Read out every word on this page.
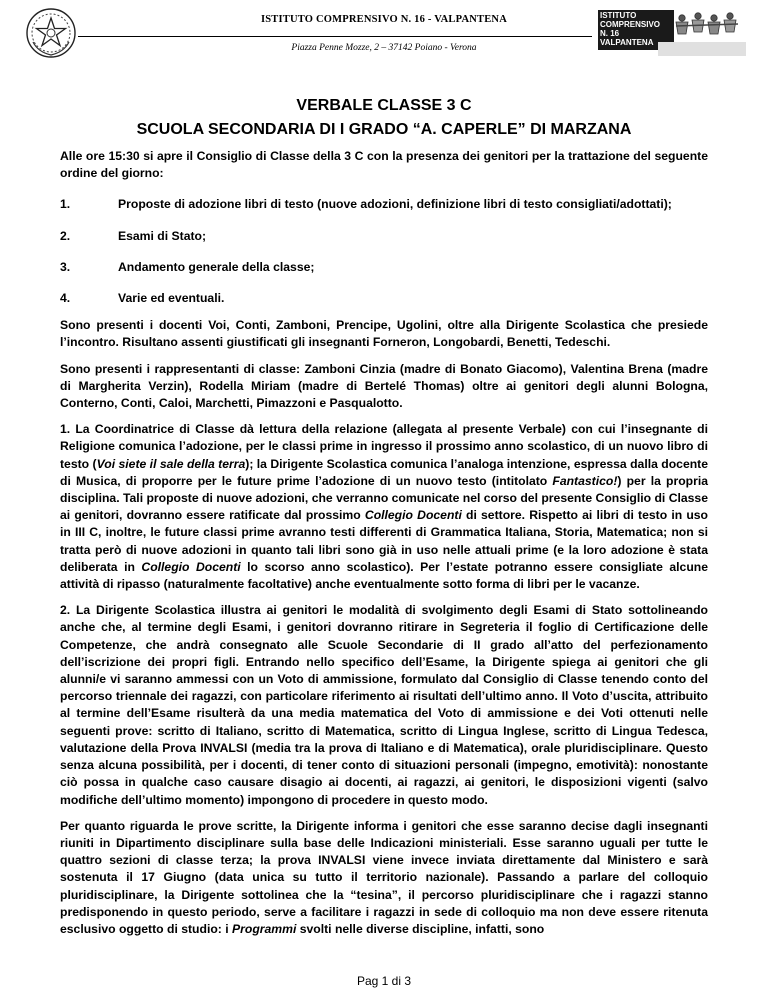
ISTITUTO COMPRENSIVO N. 16 - VALPANTENA
Piazza Penne Mozze, 2 – 37142 Poiano - Verona
ISTITUTO
COMPRENSIVO
N. 16
VALPANTENA
VERBALE CLASSE 3 C
SCUOLA SECONDARIA DI I GRADO “A. CAPERLE” DI MARZANA

Alle ore 15:30 si apre il Consiglio di Classe della 3 C con la presenza dei genitori per la trattazione del seguente ordine del giorno:

1.	Proposte di adozione libri di testo (nuove adozioni, definizione libri di testo consigliati/adottati);
2.	Esami di Stato;
3.	Andamento generale della classe;
4.	Varie ed eventuali.

Sono presenti i docenti Voi, Conti, Zamboni, Prencipe, Ugolini, oltre alla Dirigente Scolastica che presiede l’incontro. Risultano assenti giustificati gli insegnanti Forneron, Longobardi, Benetti, Tedeschi.

Sono presenti i rappresentanti di classe: Zamboni Cinzia (madre di Bonato Giacomo), Valentina Brena (madre di Margherita Verzin), Rodella Miriam (madre di Bertelé Thomas) oltre ai genitori degli alunni Bologna, Conterno, Conti, Caloi, Marchetti, Pimazzoni e Pasqualotto.

1. La Coordinatrice di Classe dà lettura della relazione (allegata al presente Verbale) con cui l’insegnante di Religione comunica l’adozione, per le classi prime in ingresso il prossimo anno scolastico, di un nuovo libro di testo (Voi siete il sale della terra); la Dirigente Scolastica comunica l’analoga intenzione, espressa dalla docente di Musica, di proporre per le future prime l’adozione di un nuovo testo (intitolato Fantastico!) per la propria disciplina. Tali proposte di nuove adozioni, che verranno comunicate nel corso del presente Consiglio di Classe ai genitori, dovranno essere ratificate dal prossimo Collegio Docenti di settore. Rispetto ai libri di testo in uso in III C, inoltre, le future classi prime avranno testi differenti di Grammatica Italiana, Storia, Matematica; non si tratta però di nuove adozioni in quanto tali libri sono già in uso nelle attuali prime (e la loro adozione è stata deliberata in Collegio Docenti lo scorso anno scolastico). Per l’estate potranno essere consigliate alcune attività di ripasso (naturalmente facoltative) anche eventualmente sotto forma di libri per le vacanze.

2. La Dirigente Scolastica illustra ai genitori le modalità di svolgimento degli Esami di Stato sottolineando anche che, al termine degli Esami, i genitori dovranno ritirare in Segreteria il foglio di Certificazione delle Competenze, che andrà consegnato alle Scuole Secondarie di II grado all’atto del perfezionamento dell’iscrizione dei propri figli. Entrando nello specifico dell’Esame, la Dirigente spiega ai genitori che gli alunni/e vi saranno ammessi con un Voto di ammissione, formulato dal Consiglio di Classe tenendo conto del percorso triennale dei ragazzi, con particolare riferimento ai risultati dell’ultimo anno. Il Voto d’uscita, attribuito al termine dell’Esame risulterà da una media matematica del Voto di ammissione e dei Voti ottenuti nelle seguenti prove: scritto di Italiano, scritto di Matematica, scritto di Lingua Inglese, scritto di Lingua Tedesca, valutazione della Prova INVALSI (media tra la prova di Italiano e di Matematica), orale pluridisciplinare. Questo senza alcuna possibilità, per i docenti, di tener conto di situazioni personali (impegno, emotività): nonostante ciò possa in qualche caso causare disagio ai docenti, ai ragazzi, ai genitori, le disposizioni vigenti (salvo modifiche dell’ultimo momento) impongono di procedere in questo modo.

Per quanto riguarda le prove scritte, la Dirigente informa i genitori che esse saranno decise dagli insegnanti riuniti in Dipartimento disciplinare sulla base delle Indicazioni ministeriali. Esse saranno uguali per tutte le quattro sezioni di classe terza; la prova INVALSI viene invece inviata direttamente dal Ministero e sarà sostenuta il 17 Giugno (data unica su tutto il territorio nazionale). Passando a parlare del colloquio pluridisciplinare, la Dirigente sottolinea che la “tesina”, il percorso pluridisciplinare che i ragazzi stanno predisponendo in questo periodo, serve a facilitare i ragazzi in sede di colloquio ma non deve essere ritenuta esclusivo oggetto di studio: i Programmi svolti nelle diverse discipline, infatti, sono

Pag 1 di 3
